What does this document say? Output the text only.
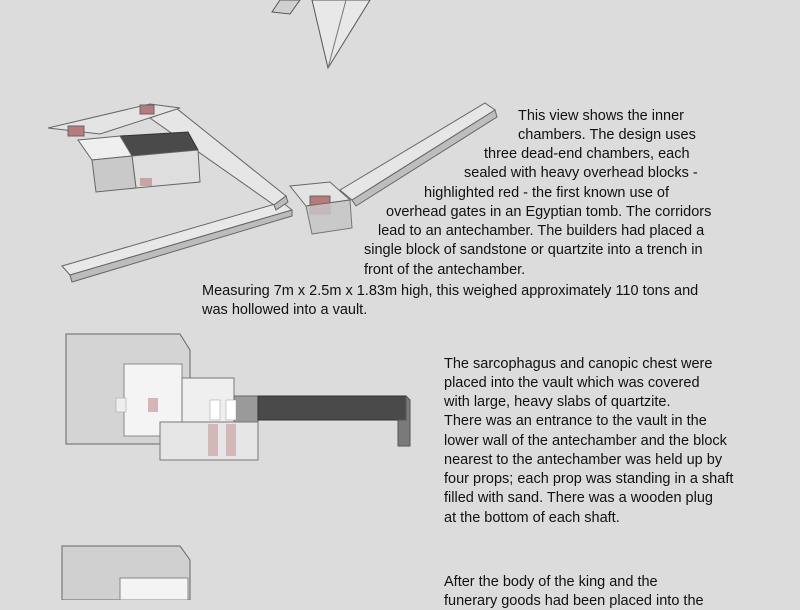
This view shows the inner

chambers. The design uses

three dead-end chambers, each

sealed with heavy overhead blocks -

highlighted red - the first known use of

overhead gates in an Egyptian tomb. The corridors

lead to an antechamber. The builders had placed a

single block of sandstone or quartzite into a trench in

front of the antechamber.

Measuring 7m x 2.5m x 1.83m high, this weighed approximately 110 tons and

was hollowed into a vault.

The sarcophagus and canopic chest were

placed into the vault which was covered

with large, heavy slabs of quartzite.

There was an entrance to the vault in the

lower wall of the antechamber and the block

nearest to the antechamber was held up by

four props; each prop was standing in a shaft

filled with sand. There was a wooden plug

at the bottom of each shaft.

After the body of the king and the

funerary goods had been placed into the
